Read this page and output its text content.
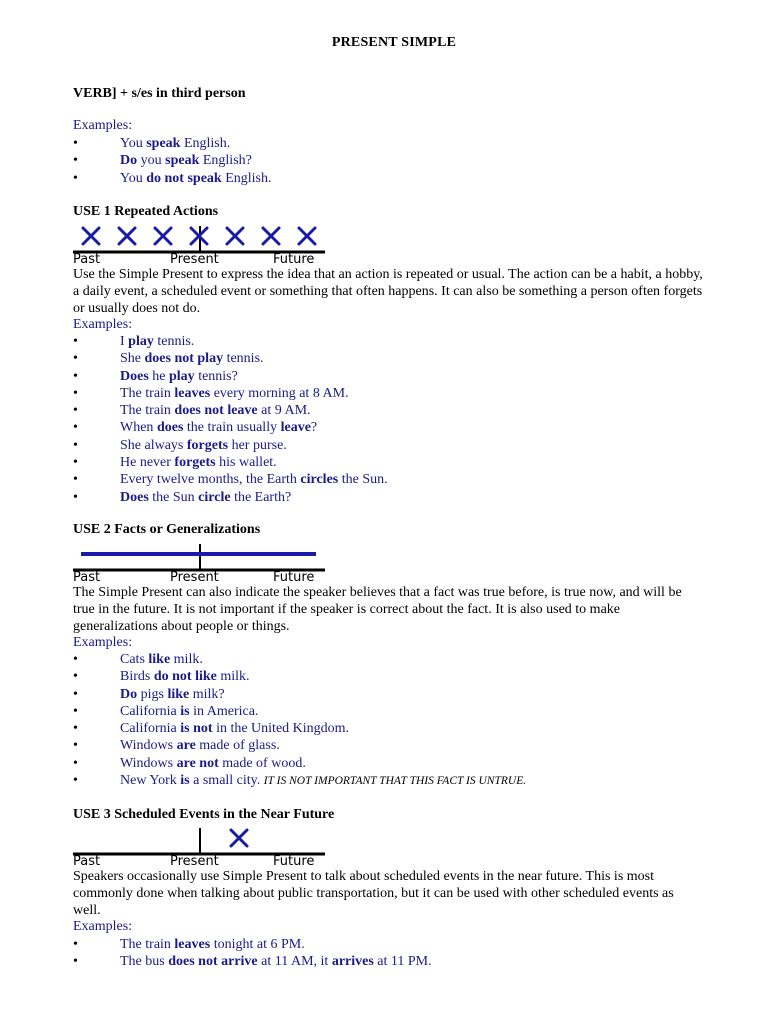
PRESENT SIMPLE
VERB] + s/es in third person
Examples:
• You speak English.
• Do you speak English?
• You do not speak English.
USE 1 Repeated Actions
Past	Present	Future
Use the Simple Present to express the idea that an action is repeated or usual. The action can be a habit, a hobby, a daily event, a scheduled event or something that often happens. It can also be something a person often forgets or usually does not do.
Examples:
• I play tennis.
• She does not play tennis.
• Does he play tennis?
• The train leaves every morning at 8 AM.
• The train does not leave at 9 AM.
• When does the train usually leave?
• She always forgets her purse.
• He never forgets his wallet.
• Every twelve months, the Earth circles the Sun.
• Does the Sun circle the Earth?
USE 2 Facts or Generalizations
Past	Present	Future
The Simple Present can also indicate the speaker believes that a fact was true before, is true now, and will be true in the future. It is not important if the speaker is correct about the fact. It is also used to make generalizations about people or things.
Examples:
• Cats like milk.
• Birds do not like milk.
• Do pigs like milk?
• California is in America.
• California is not in the United Kingdom.
• Windows are made of glass.
• Windows are not made of wood.
• New York is a small city. IT IS NOT IMPORTANT THAT THIS FACT IS UNTRUE.
USE 3 Scheduled Events in the Near Future
Past	Present	Future
Speakers occasionally use Simple Present to talk about scheduled events in the near future. This is most commonly done when talking about public transportation, but it can be used with other scheduled events as well.
Examples:
• The train leaves tonight at 6 PM.
• The bus does not arrive at 11 AM, it arrives at 11 PM.
